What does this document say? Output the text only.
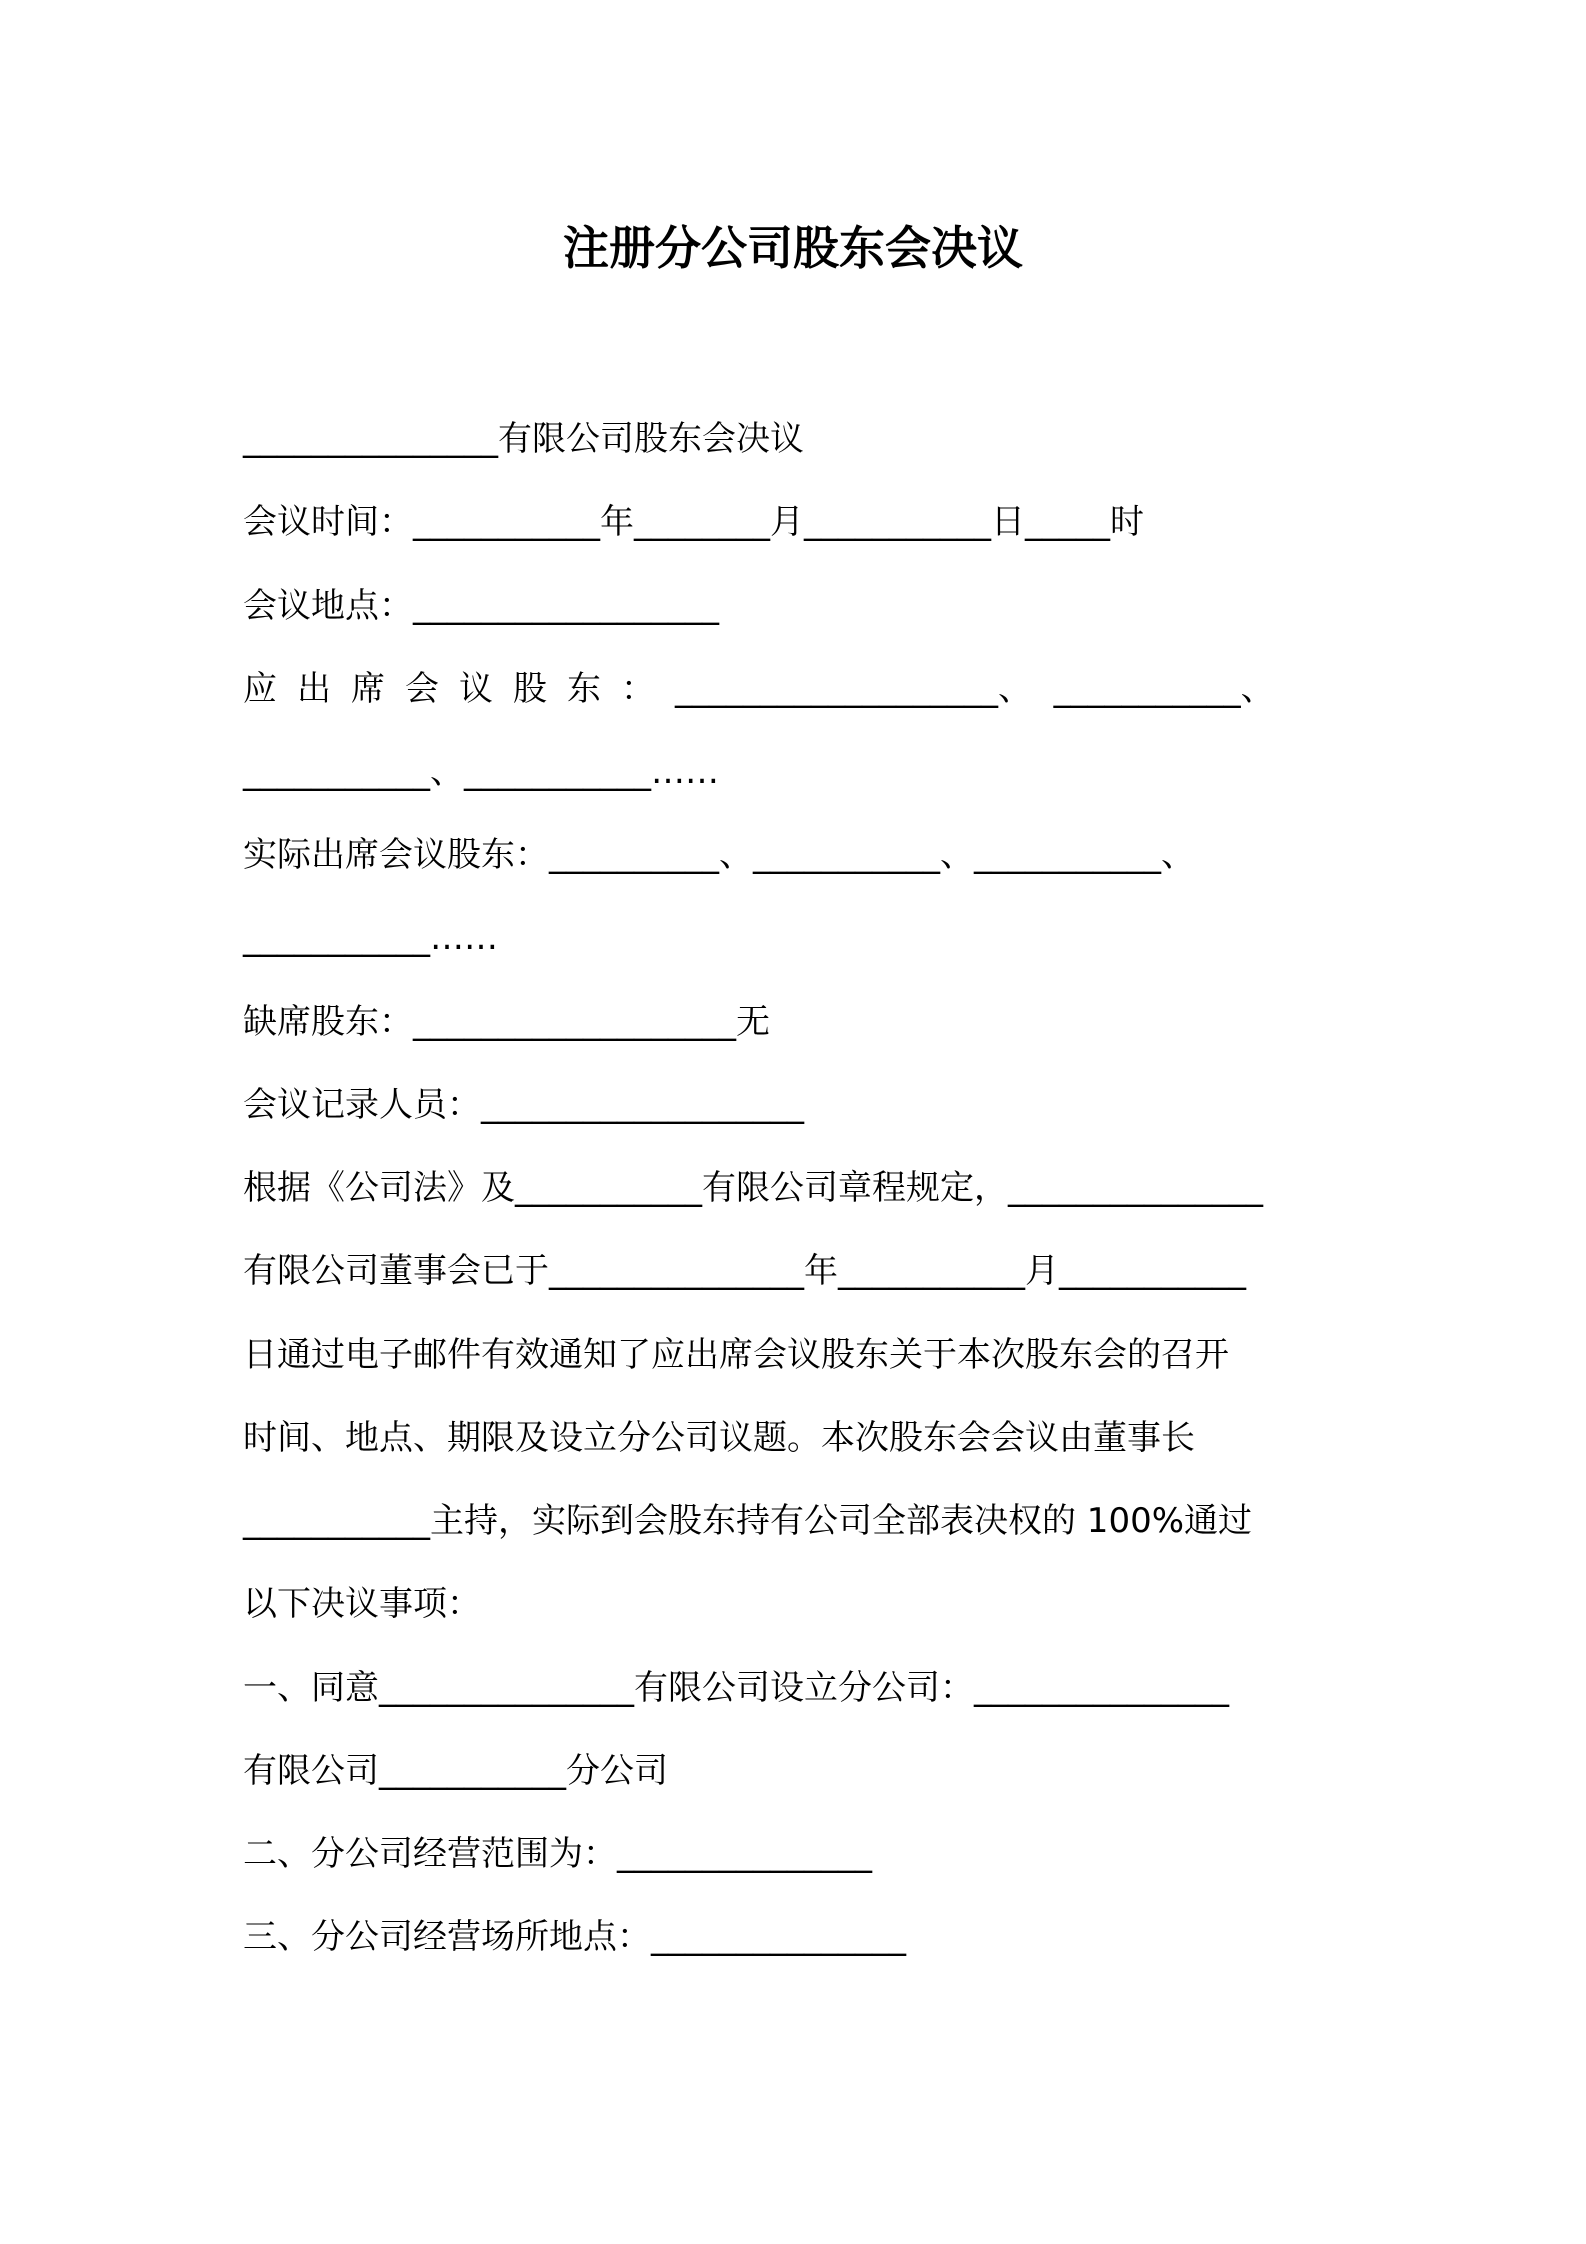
注册分公司股东会决议
_______________有限公司股东会决议
会议时间：___________年________月___________日_____时
会议地点：__________________
应出席会议股东：___________________、  ___________、
___________、___________……
实际出席会议股东：__________、___________、___________、
___________……
缺席股东：___________________无
会议记录人员：___________________
根据《公司法》及___________有限公司章程规定，_______________
有限公司董事会已于_______________年___________月___________
日通过电子邮件有效通知了应出席会议股东关于本次股东会的召开
时间、地点、期限及设立分公司议题。本次股东会会议由董事长
___________主持，实际到会股东持有公司全部表决权的 100%通过
以下决议事项：
一、同意_______________有限公司设立分公司：_______________
有限公司___________分公司
二、分公司经营范围为：_______________
三、分公司经营场所地点：_______________
